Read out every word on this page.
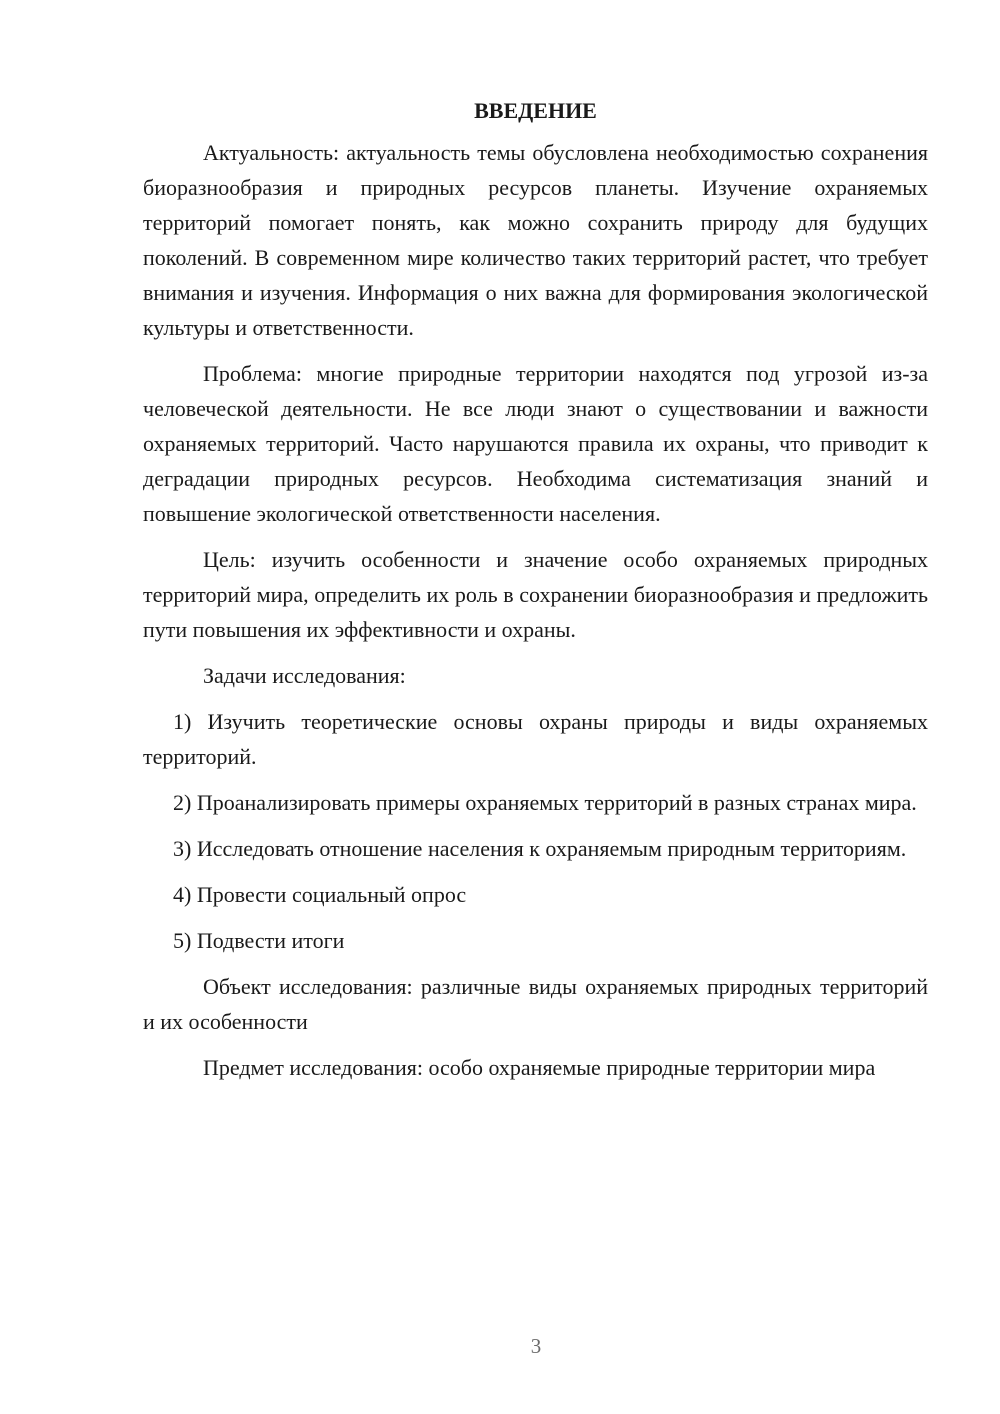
ВВЕДЕНИЕ

Актуальность: актуальность темы обусловлена необходимостью сохранения биоразнообразия и природных ресурсов планеты. Изучение охраняемых территорий помогает понять, как можно сохранить природу для будущих поколений. В современном мире количество таких территорий растет, что требует внимания и изучения. Информация о них важна для формирования экологической культуры и ответственности.

Проблема: многие природные территории находятся под угрозой из-за человеческой деятельности. Не все люди знают о существовании и важности охраняемых территорий. Часто нарушаются правила их охраны, что приводит к деградации природных ресурсов. Необходима систематизация знаний и повышение экологической ответственности населения.

Цель: изучить особенности и значение особо охраняемых природных территорий мира, определить их роль в сохранении биоразнообразия и предложить пути повышения их эффективности и охраны.

Задачи исследования:

1) Изучить теоретические основы охраны природы и виды охраняемых территорий.

2) Проанализировать примеры охраняемых территорий в разных странах мира.

3) Исследовать отношение населения к охраняемым природным территориям.

4) Провести социальный опрос

5) Подвести итоги

Объект исследования: различные виды охраняемых природных территорий и их особенности

Предмет исследования: особо охраняемые природные территории мира

3
